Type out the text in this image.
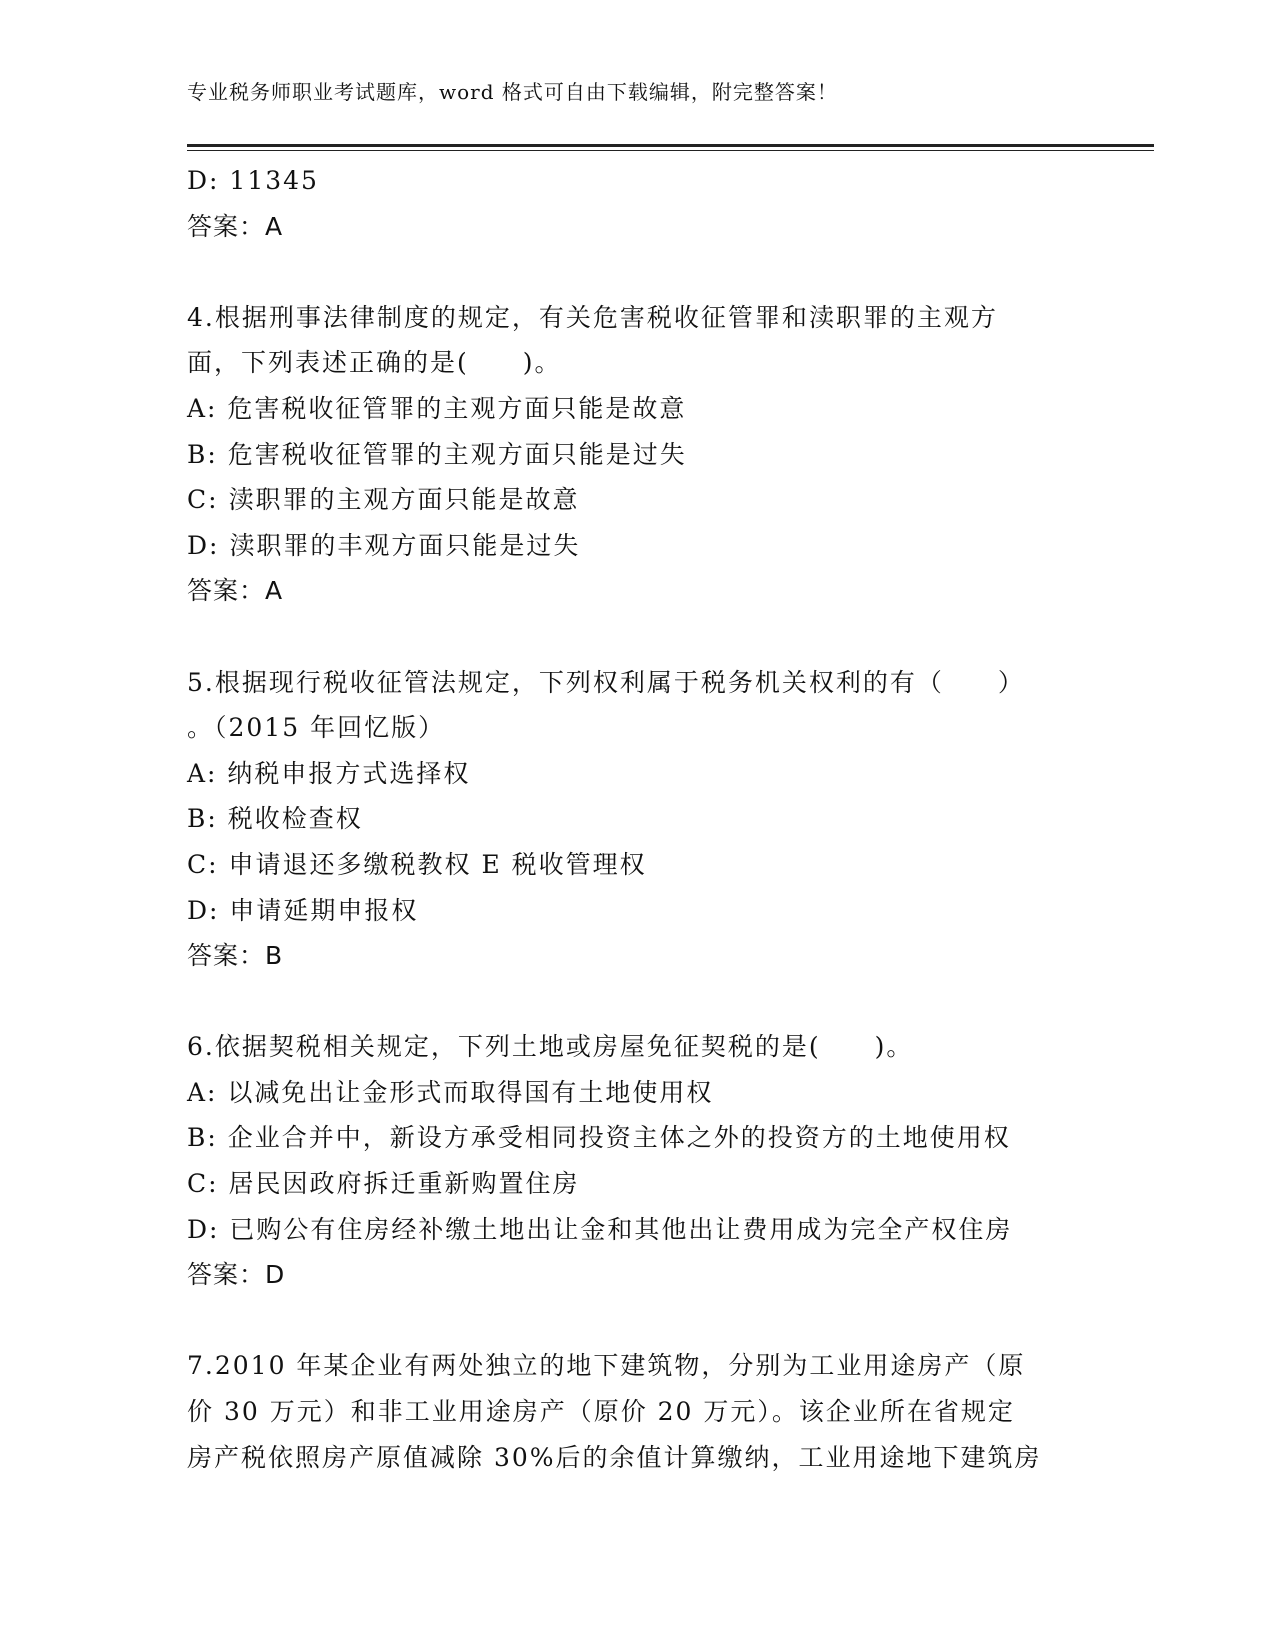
专业税务师职业考试题库，word 格式可自由下载编辑，附完整答案！
D: 11345
答案：A
4.根据刑事法律制度的规定，有关危害税收征管罪和渎职罪的主观方
面，下列表述正确的是(　　)。
A: 危害税收征管罪的主观方面只能是故意
B: 危害税收征管罪的主观方面只能是过失
C: 渎职罪的主观方面只能是故意
D: 渎职罪的丰观方面只能是过失
答案：A
5.根据现行税收征管法规定，下列权利属于税务机关权利的有（　　）
。（2015 年回忆版）
A: 纳税申报方式选择权
B: 税收检查权
C: 申请退还多缴税教权 E 税收管理权
D: 申请延期申报权
答案：B
6.依据契税相关规定，下列土地或房屋免征契税的是(　　)。
A: 以减免出让金形式而取得国有土地使用权
B: 企业合并中，新设方承受相同投资主体之外的投资方的土地使用权
C: 居民因政府拆迁重新购置住房
D: 已购公有住房经补缴土地出让金和其他出让费用成为完全产权住房
答案：D
7.2010 年某企业有两处独立的地下建筑物，分别为工业用途房产（原
价 30 万元）和非工业用途房产（原价 20 万元）。该企业所在省规定
房产税依照房产原值减除 30%后的余值计算缴纳，工业用途地下建筑房
